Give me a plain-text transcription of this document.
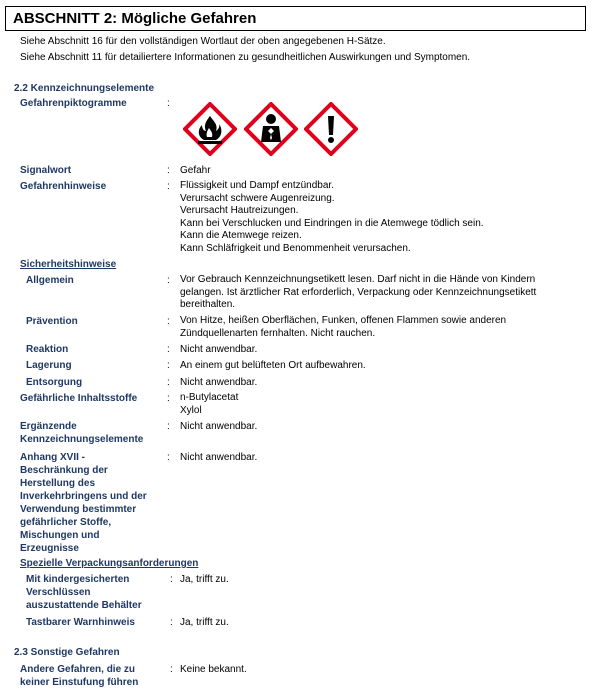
ABSCHNITT 2: Mögliche Gefahren
Siehe Abschnitt 16 für den vollständigen Wortlaut der oben angegebenen H-Sätze.
Siehe Abschnitt 11 für detailiertere Informationen zu gesundheitlichen Auswirkungen und Symptomen.
2.2 Kennzeichnungselemente
Gefahrenpiktogramme	:
Signalwort	: Gefahr
Gefahrenhinweise	: Flüssigkeit und Dampf entzündbar.
Verursacht schwere Augenreizung.
Verursacht Hautreizungen.
Kann bei Verschlucken und Eindringen in die Atemwege tödlich sein.
Kann die Atemwege reizen.
Kann Schläfrigkeit und Benommenheit verursachen.
Sicherheitshinweise
Allgemein	: Vor Gebrauch Kennzeichnungsetikett lesen. Darf nicht in die Hände von Kindern
gelangen. Ist ärztlicher Rat erforderlich, Verpackung oder Kennzeichnungsetikett
bereithalten.
Prävention	: Von Hitze, heißen Oberflächen, Funken, offenen Flammen sowie anderen
Zündquellenarten fernhalten. Nicht rauchen.
Reaktion	: Nicht anwendbar.
Lagerung	: An einem gut belüfteten Ort aufbewahren.
Entsorgung	: Nicht anwendbar.
Gefährliche Inhaltsstoffe	: n-Butylacetat
Xylol
Ergänzende
Kennzeichnungselemente
: Nicht anwendbar.
Anhang XVII -
Beschränkung der
Herstellung des
Inverkehrbringens und der
Verwendung bestimmter
gefährlicher Stoffe,
Mischungen und
Erzeugnisse
: Nicht anwendbar.
Spezielle Verpackungsanforderungen
Mit kindergesicherten
Verschlüssen
auszustattende Behälter
: Ja, trifft zu.
Tastbarer Warnhinweis	: Ja, trifft zu.
2.3 Sonstige Gefahren
Andere Gefahren, die zu
keiner Einstufung führen
: Keine bekannt.
